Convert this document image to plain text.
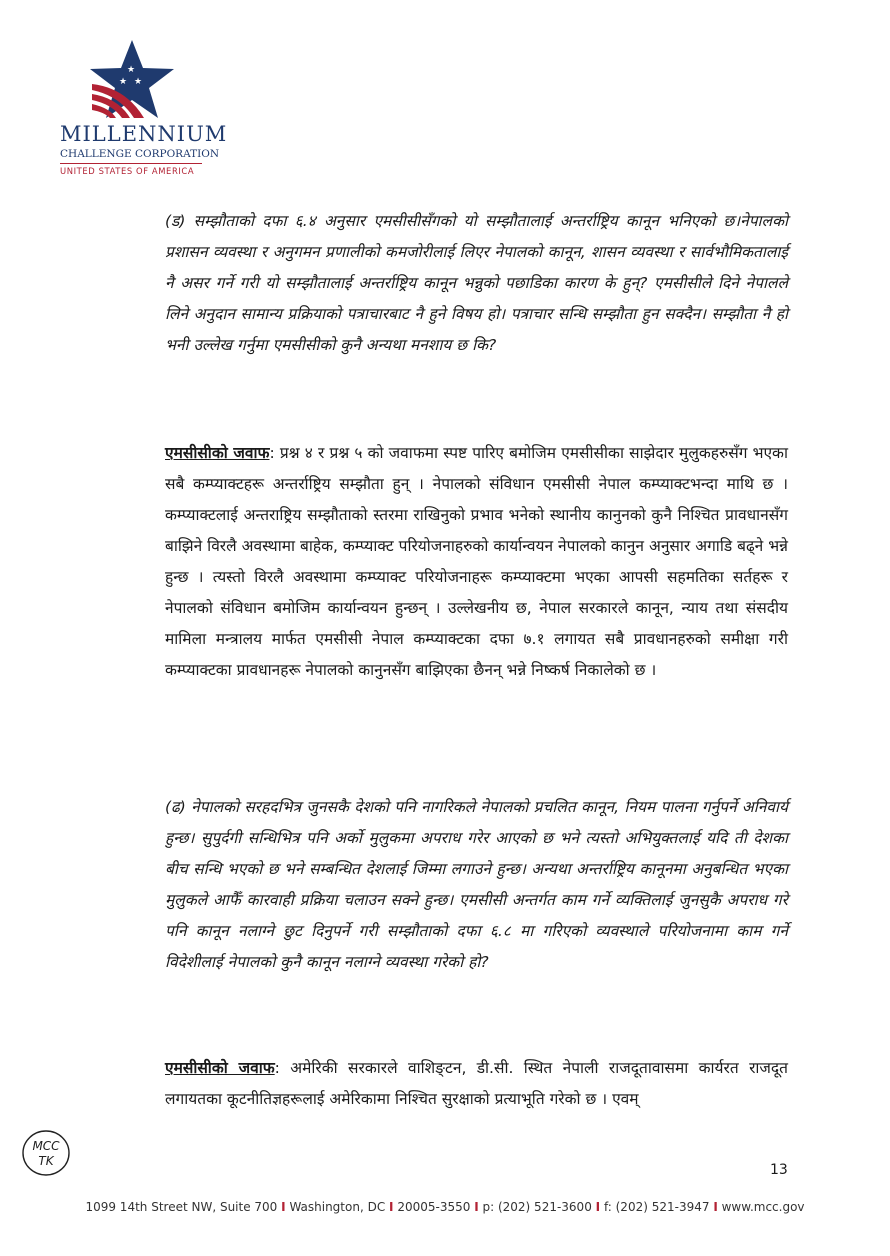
★
★ ★
MILLENNIUM
CHALLENGE CORPORATION
UNITED STATES OF AMERICA

(ड) सम्झौताको दफा ६.४ अनुसार एमसीसीसँगको यो सम्झौतालाई अन्तर्राष्ट्रिय कानून भनिएको छ।नेपालको प्रशासन व्यवस्था र अनुगमन प्रणालीको कमजोरीलाई लिएर नेपालको कानून, शासन व्यवस्था र सार्वभौमिकतालाई नै असर गर्ने गरी यो सम्झौतालाई अन्तर्राष्ट्रिय कानून भन्नुको पछाडिका कारण के हुन्? एमसीसीले दिने नेपालले लिने अनुदान सामान्य प्रक्रियाको पत्राचारबाट नै हुने विषय हो। पत्राचार सन्धि सम्झौता हुन सक्दैन। सम्झौता नै हो भनी उल्लेख गर्नुमा एमसीसीको कुनै अन्यथा मनशाय छ कि?

एमसीसीको जवाफ: प्रश्न ४ र प्रश्न ५ को जवाफमा स्पष्ट पारिए बमोजिम एमसीसीका साझेदार मुलुकहरुसँग भएका सबै कम्प्याक्टहरू अन्तर्राष्ट्रिय सम्झौता हुन् । नेपालको संविधान एमसीसी नेपाल कम्प्याक्टभन्दा माथि छ । कम्प्याक्टलाई अन्तराष्ट्रिय सम्झौताको स्तरमा राखिनुको प्रभाव भनेको स्थानीय कानुनको कुनै निश्चित प्रावधानसँग बाझिने विरलै अवस्थामा बाहेक, कम्प्याक्ट परियोजनाहरुको कार्यान्वयन नेपालको कानुन अनुसार अगाडि बढ्ने भन्ने हुन्छ । त्यस्तो विरलै अवस्थामा कम्प्याक्ट परियोजनाहरू कम्प्याक्टमा भएका आपसी सहमतिका सर्तहरू र नेपालको संविधान बमोजिम कार्यान्वयन हुन्छन् । उल्लेखनीय छ, नेपाल सरकारले कानून, न्याय तथा संसदीय मामिला मन्त्रालय मार्फत एमसीसी नेपाल कम्प्याक्टका दफा ७.१ लगायत सबै प्रावधानहरुको समीक्षा गरी कम्प्याक्टका प्रावधानहरू नेपालको कानुनसँग बाझिएका छैनन् भन्ने निष्कर्ष निकालेको छ ।

(ढ) नेपालको सरहदभित्र जुनसकै देशको पनि नागरिकले नेपालको प्रचलित कानून, नियम पालना गर्नुपर्ने अनिवार्य हुन्छ। सुपुर्दगी सन्धिभित्र पनि अर्को मुलुकमा अपराध गरेर आएको छ भने त्यस्तो अभियुक्तलाई यदि ती देशका बीच सन्धि भएको छ भने सम्बन्धित देशलाई जिम्मा लगाउने हुन्छ। अन्यथा अन्तर्राष्ट्रिय कानूनमा अनुबन्धित भएका मुलुकले आफैँ कारवाही प्रक्रिया चलाउन सक्ने हुन्छ। एमसीसी अन्तर्गत काम गर्ने व्यक्तिलाई जुनसुकै अपराध गरे पनि कानून नलाग्ने छुट दिनुपर्ने गरी सम्झौताको दफा ६.८ मा गरिएको व्यवस्थाले परियोजनामा काम गर्ने विदेशीलाई नेपालको कुनै कानून नलाग्ने व्यवस्था गरेको हो?

एमसीसीको जवाफ: अमेरिकी सरकारले वाशिङ्टन, डी.सी. स्थित नेपाली राजदूतावासमा कार्यरत राजदूत लगायतका कूटनीतिज्ञहरूलाई अमेरिकामा निश्चित सुरक्षाको प्रत्याभूति गरेको छ । एवम्

MCC
TK
13
1099 14th Street NW, Suite 700 I Washington, DC I 20005-3550 I p: (202) 521-3600 I f: (202) 521-3947 I www.mcc.gov
